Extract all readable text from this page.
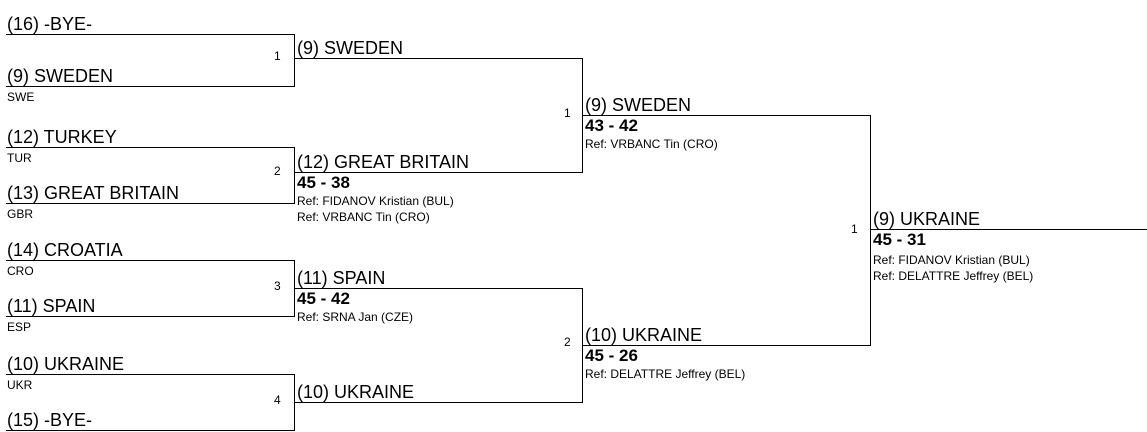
(16) -BYE-
(9) SWEDEN
SWE
1
(12) TURKEY
TUR
(13) GREAT BRITAIN
GBR
2
(14) CROATIA
CRO
(11) SPAIN
ESP
3
(10) UKRAINE
UKR
(15) -BYE-
4
(9) SWEDEN
(12) GREAT BRITAIN
45 - 38
Ref: FIDANOV Kristian (BUL)
Ref: VRBANC Tin (CRO)
1
(11) SPAIN
45 - 42
Ref: SRNA Jan (CZE)
(10) UKRAINE
2
(9) SWEDEN
43 - 42
Ref: VRBANC Tin (CRO)
(10) UKRAINE
45 - 26
Ref: DELATTRE Jeffrey (BEL)
1 (9) UKRAINE
45 - 31
Ref: FIDANOV Kristian (BUL)
Ref: DELATTRE Jeffrey (BEL)
